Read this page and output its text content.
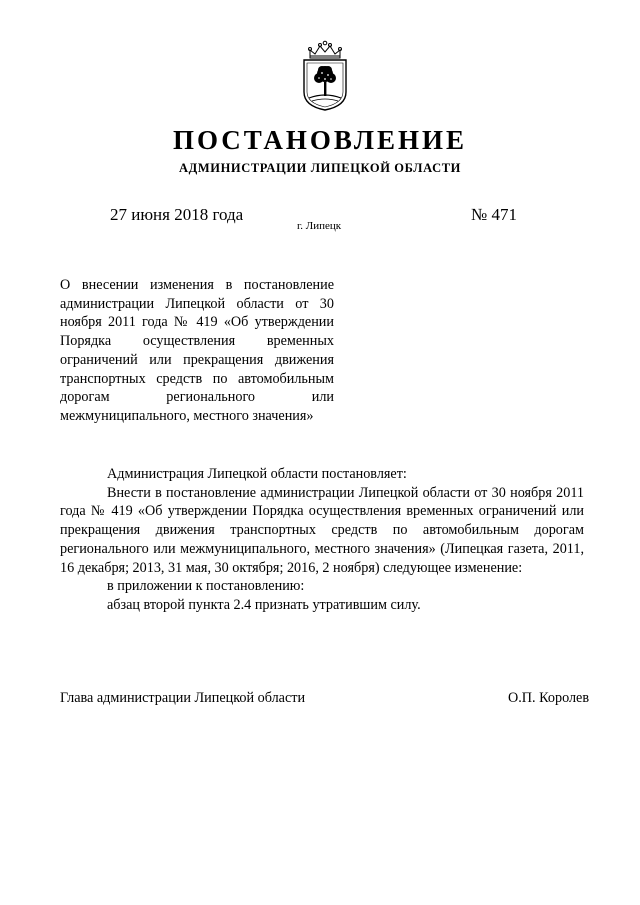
ПОСТАНОВЛЕНИЕ
АДМИНИСТРАЦИИ ЛИПЕЦКОЙ ОБЛАСТИ
27 июня 2018 года
г. Липецк
№ 471
О внесении изменения в постановление администрации Липецкой области от 30 ноября 2011 года № 419 «Об утверждении Порядка осуществления временных ограничений или прекращения движения транспортных средств по автомобильным дорогам регионального или межмуниципального, местного значения»

Администрация Липецкой области постановляет:

Внести в постановление администрации Липецкой области от 30 ноября 2011 года № 419 «Об утверждении Порядка осуществления временных ограничений или прекращения движения транспортных средств по автомобильным дорогам регионального или межмуниципального, местного значения» (Липецкая газета, 2011, 16 декабря; 2013, 31 мая, 30 октября; 2016, 2 ноября) следующее изменение:

в приложении к постановлению:

абзац второй пункта 2.4 признать утратившим силу.

Глава администрации Липецкой области	О.П. Королев
